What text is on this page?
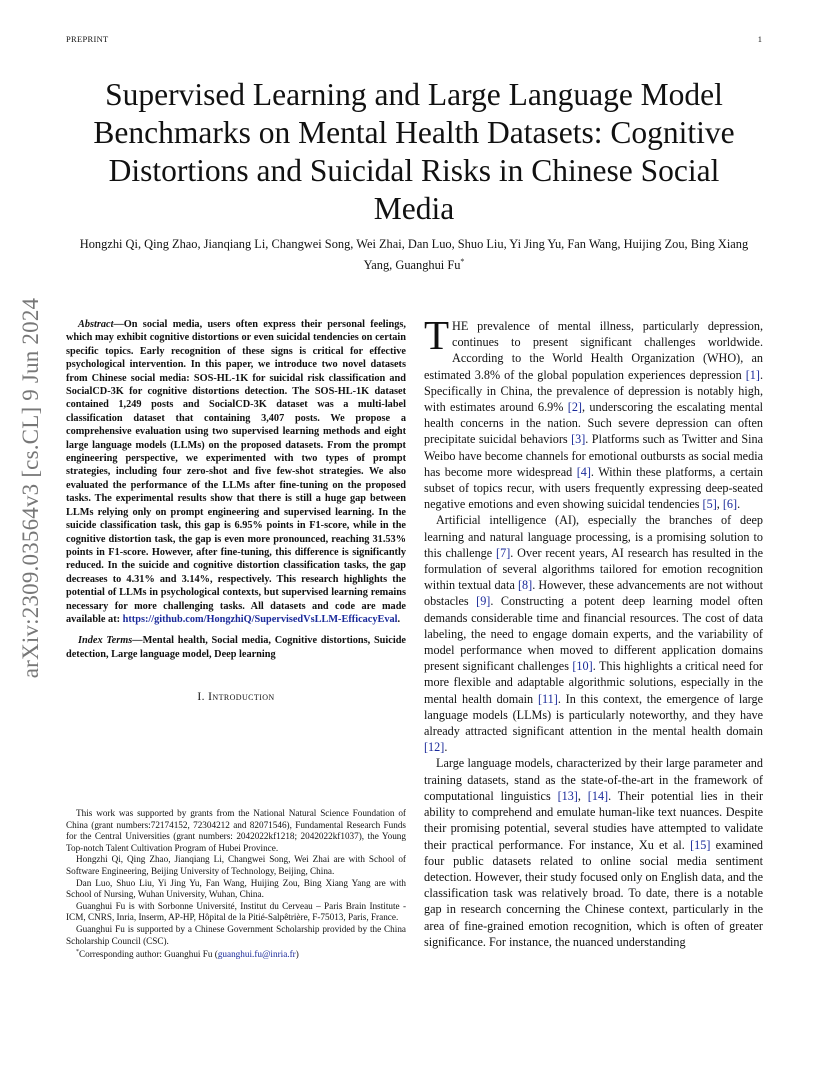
PREPRINT	1
Supervised Learning and Large Language Model Benchmarks on Mental Health Datasets: Cognitive Distortions and Suicidal Risks in Chinese Social Media
Hongzhi Qi, Qing Zhao, Jianqiang Li, Changwei Song, Wei Zhai, Dan Luo, Shuo Liu, Yi Jing Yu, Fan Wang, Huijing Zou, Bing Xiang Yang, Guanghui Fu*
arXiv:2309.03564v3 [cs.CL] 9 Jun 2024	Abstract—On social media, users often express their personal feelings, which may exhibit cognitive distortions or even suicidal tendencies on certain specific topics. Early recognition of these signs is critical for effective psychological intervention. In this paper, we introduce two novel datasets from Chinese social media: SOS-HL-1K for suicidal risk classification and SocialCD-3K for cognitive distortions detection. The SOS-HL-1K dataset contained 1,249 posts and SocialCD-3K dataset was a multi-label classification dataset that containing 3,407 posts. We propose a comprehensive evaluation using two supervised learning methods and eight large language models (LLMs) on the proposed datasets. From the prompt engineering perspective, we experimented with two types of prompt strategies, including four zero-shot and five few-shot strategies. We also evaluated the performance of the LLMs after fine-tuning on the proposed tasks. The experimental results show that there is still a huge gap between LLMs relying only on prompt engineering and supervised learning. In the suicide classification task, this gap is 6.95% points in F1-score, while in the cognitive distortion task, the gap is even more pronounced, reaching 31.53% points in F1-score. However, after fine-tuning, this difference is significantly reduced. In the suicide and cognitive distortion classification tasks, the gap decreases to 4.31% and 3.14%, respectively. This research highlights the potential of LLMs in psychological contexts, but supervised learning remains necessary for more challenging tasks. All datasets and code are made available at: https://github.com/HongzhiQ/SupervisedVsLLM-EfficacyEval.

Index Terms—Mental health, Social media, Cognitive distortions, Suicide detection, Large language model, Deep learning

I. Introduction

This work was supported by grants from the National Natural Science Foundation of China (grant numbers:72174152, 72304212 and 82071546), Fundamental Research Funds for the Central Universities (grant numbers: 2042022kf1218; 2042022kf1037), the Young Top-notch Talent Cultivation Program of Hubei Province.

Hongzhi Qi, Qing Zhao, Jianqiang Li, Changwei Song, Wei Zhai are with School of Software Engineering, Beijing University of Technology, Beijing, China.

Dan Luo, Shuo Liu, Yi Jing Yu, Fan Wang, Huijing Zou, Bing Xiang Yang are with School of Nursing, Wuhan University, Wuhan, China.

Guanghui Fu is with Sorbonne Université, Institut du Cerveau – Paris Brain Institute - ICM, CNRS, Inria, Inserm, AP-HP, Hôpital de la Pitié-Salpêtrière, F-75013, Paris, France.

Guanghui Fu is supported by a Chinese Government Scholarship provided by the China Scholarship Council (CSC).

*Corresponding author: Guanghui Fu (guanghui.fu@inria.fr)

THE prevalence of mental illness, particularly depression, continues to present significant challenges worldwide. According to the World Health Organization (WHO), an estimated 3.8% of the global population experiences depression [1]. Specifically in China, the prevalence of depression is notably high, with estimates around 6.9% [2], underscoring the escalating mental health concerns in the nation. Such severe depression can often precipitate suicidal behaviors [3]. Platforms such as Twitter and Sina Weibo have become channels for emotional outbursts as social media has become more widespread [4]. Within these platforms, a certain subset of topics recur, with users frequently expressing deep-seated negative emotions and even showing suicidal tendencies [5], [6].

Artificial intelligence (AI), especially the branches of deep learning and natural language processing, is a promising solution to this challenge [7]. Over recent years, AI research has resulted in the formulation of several algorithms tailored for emotion recognition within textual data [8]. However, these advancements are not without obstacles [9]. Constructing a potent deep learning model often demands considerable time and financial resources. The cost of data labeling, the need to engage domain experts, and the variability of model performance when moved to different application domains present significant challenges [10]. This highlights a critical need for more flexible and adaptable algorithmic solutions, especially in the mental health domain [11]. In this context, the emergence of large language models (LLMs) is particularly noteworthy, and they have already attracted significant attention in the mental health domain [12].

Large language models, characterized by their large parameter and training datasets, stand as the state-of-the-art in the framework of computational linguistics [13], [14]. Their potential lies in their ability to comprehend and emulate human-like text nuances. Despite their promising potential, several studies have attempted to validate their practical performance. For instance, Xu et al. [15] examined four public datasets related to online social media sentiment detection. However, their study focused only on English data, and the classification task was relatively broad. To date, there is a notable gap in research concerning the Chinese context, particularly in the area of fine-grained emotion recognition, which is often of greater significance. For instance, the nuanced understanding
